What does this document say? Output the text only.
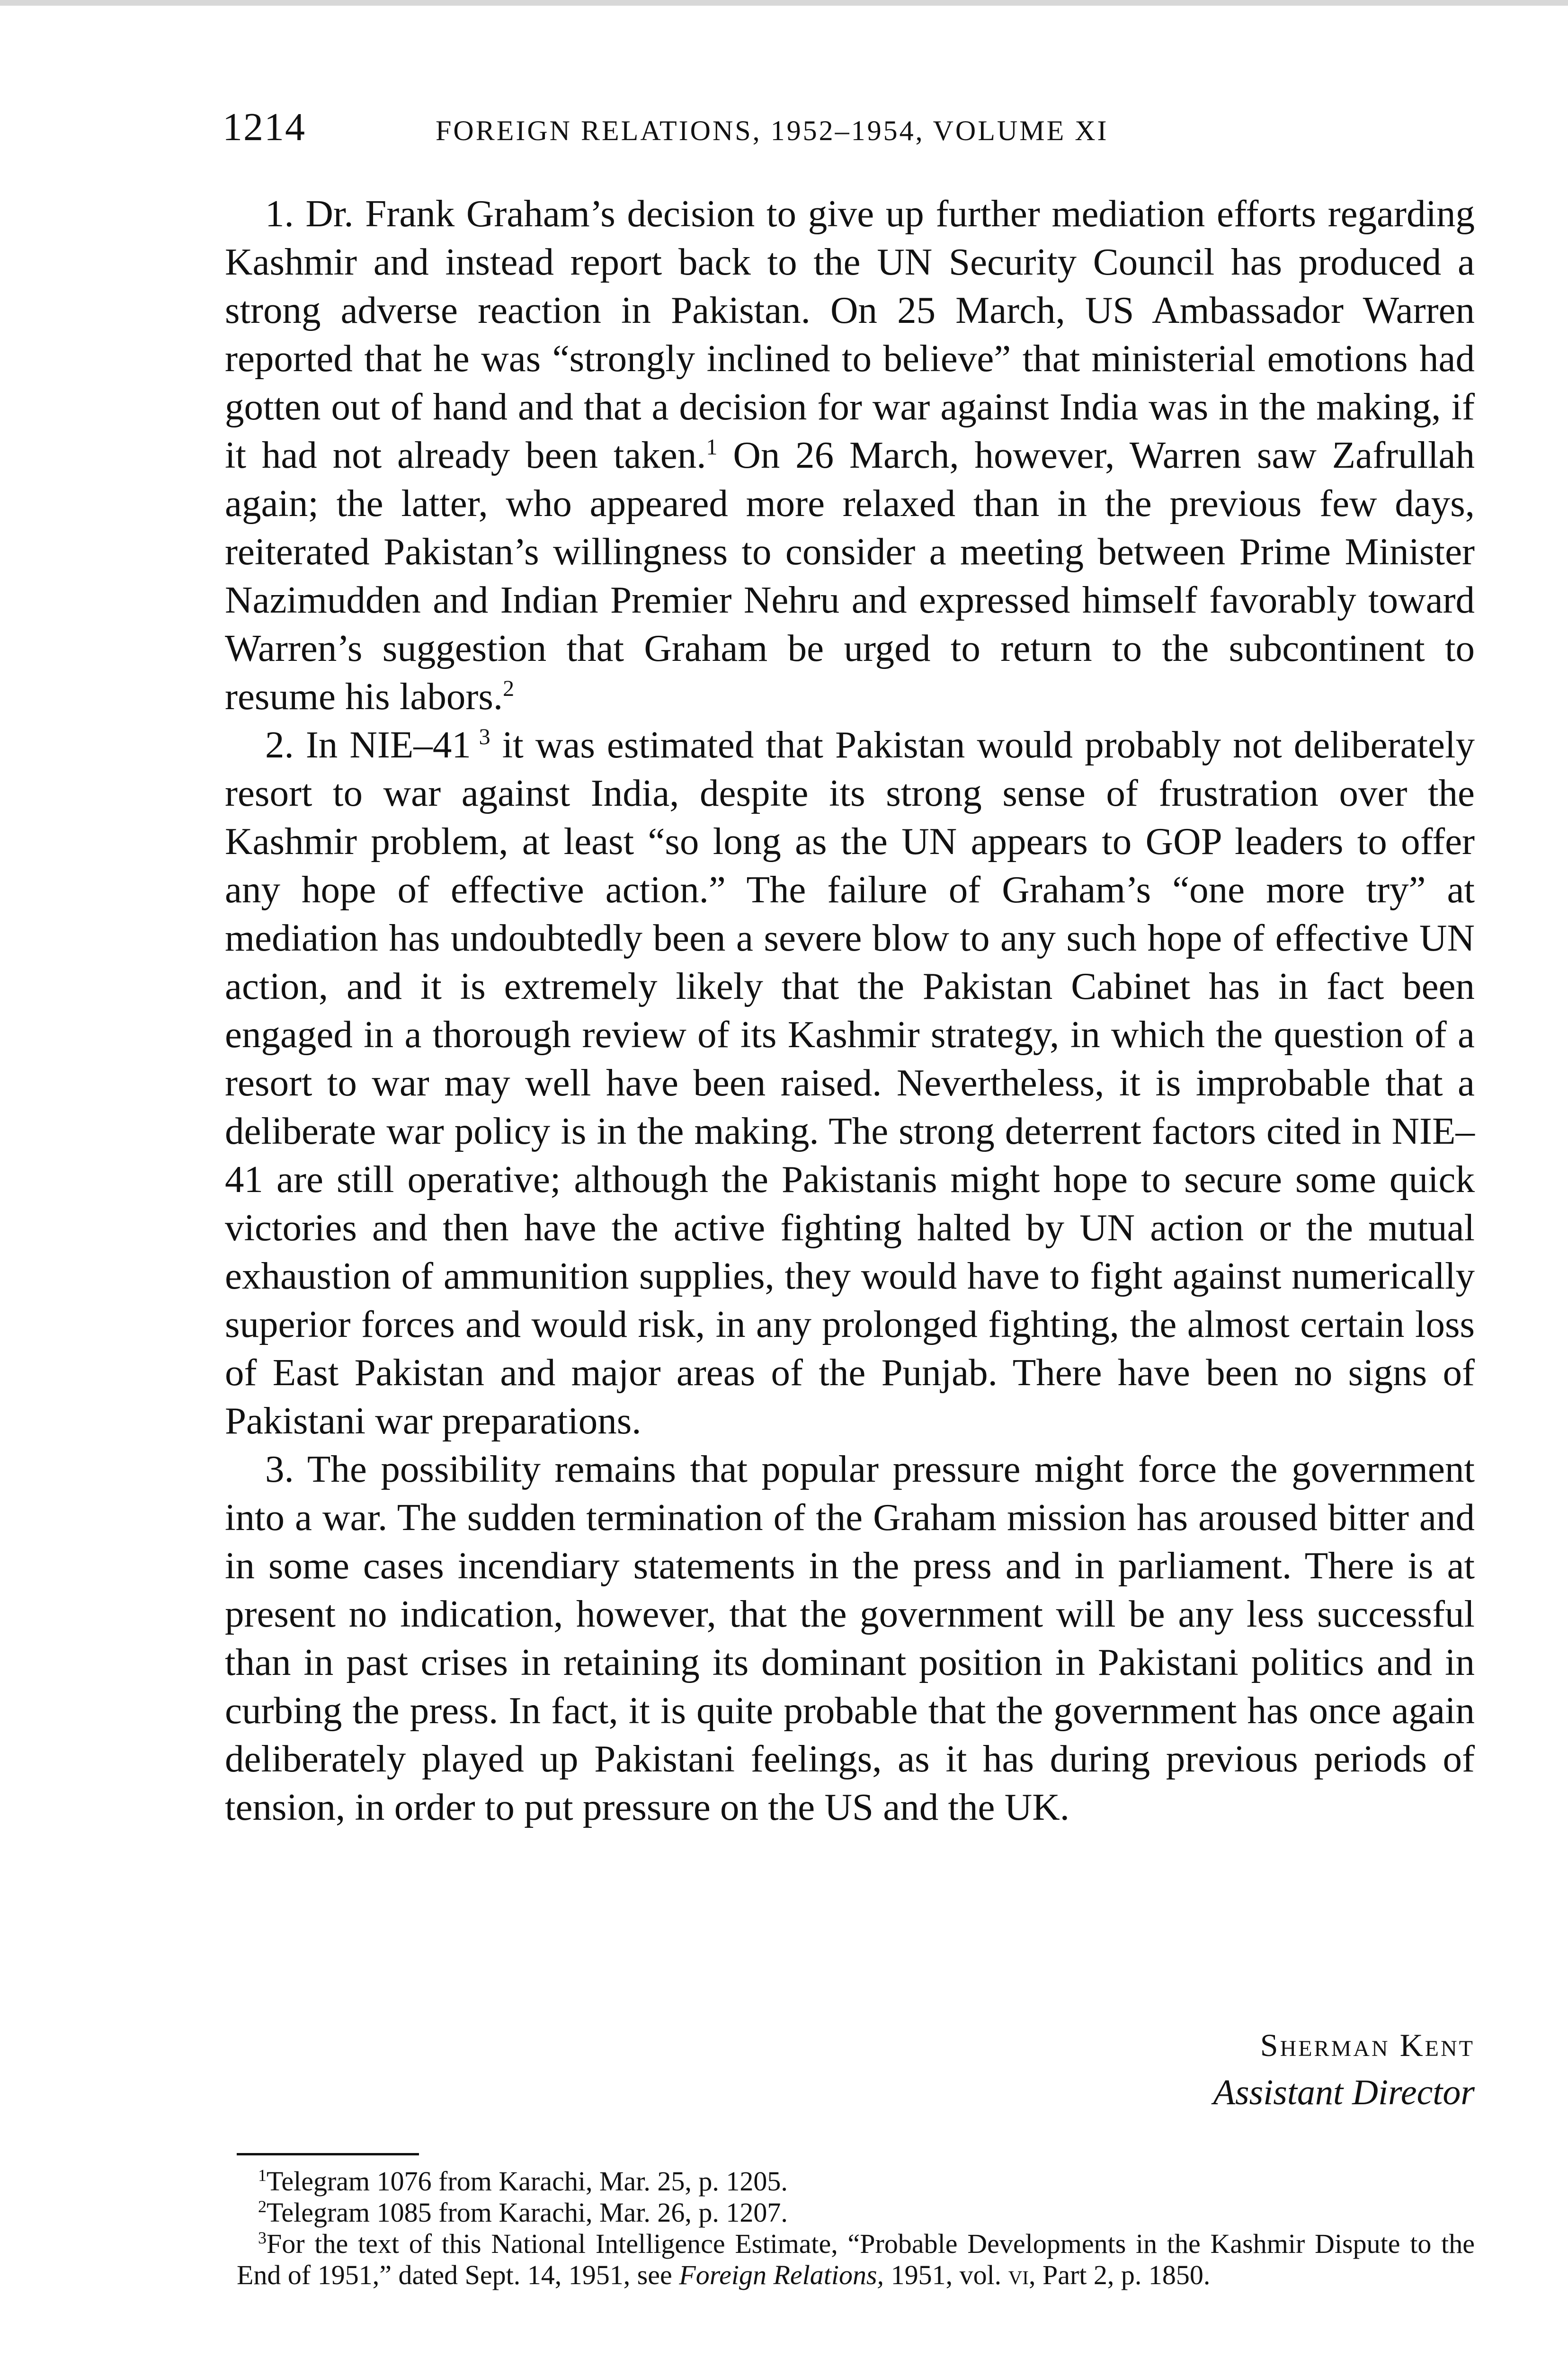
1214	FOREIGN RELATIONS, 1952–1954, VOLUME XI

1. Dr. Frank Graham’s decision to give up further mediation efforts regarding Kashmir and instead report back to the UN Security Council has produced a strong adverse reaction in Pakistan. On 25 March, US Ambassador Warren reported that he was “strongly inclined to believe” that ministerial emotions had gotten out of hand and that a decision for war against India was in the making, if it had not already been taken.$^1$ On 26 March, however, Warren saw Zafrullah again; the latter, who appeared more relaxed than in the previous few days, reiterated Pakistan’s willingness to consider a meeting between Prime Minister Nazimudden and Indian Premier Nehru and expressed himself favorably toward Warren’s suggestion that Graham be urged to return to the subcontinent to resume his labors.$^2$

2. In NIE–41 $^3$ it was estimated that Pakistan would probably not deliberately resort to war against India, despite its strong sense of frustration over the Kashmir problem, at least “so long as the UN appears to GOP leaders to offer any hope of effective action.” The failure of Graham’s “one more try” at mediation has undoubtedly been a severe blow to any such hope of effective UN action, and it is extremely likely that the Pakistan Cabinet has in fact been engaged in a thorough review of its Kashmir strategy, in which the question of a resort to war may well have been raised. Nevertheless, it is improbable that a deliberate war policy is in the making. The strong deterrent factors cited in NIE–41 are still operative; although the Pakistanis might hope to secure some quick victories and then have the active fighting halted by UN action or the mutual exhaustion of ammunition supplies, they would have to fight against numerically superior forces and would risk, in any prolonged fighting, the almost certain loss of East Pakistan and major areas of the Punjab. There have been no signs of Pakistani war preparations.

3. The possibility remains that popular pressure might force the government into a war. The sudden termination of the Graham mission has aroused bitter and in some cases incendiary statements in the press and in parliament. There is at present no indication, however, that the government will be any less successful than in past crises in retaining its dominant position in Pakistani politics and in curbing the press. In fact, it is quite probable that the government has once again deliberately played up Pakistani feelings, as it has during previous periods of tension, in order to put pressure on the US and the UK.

Sherman Kent
Assistant Director

$^1$Telegram 1076 from Karachi, Mar. 25, p. 1205.

$^2$Telegram 1085 from Karachi, Mar. 26, p. 1207.

$^3$For the text of this National Intelligence Estimate, “Probable Developments in the Kashmir Dispute to the End of 1951,” dated Sept. 14, 1951, see Foreign Relations, 1951, vol. vi, Part 2, p. 1850.
